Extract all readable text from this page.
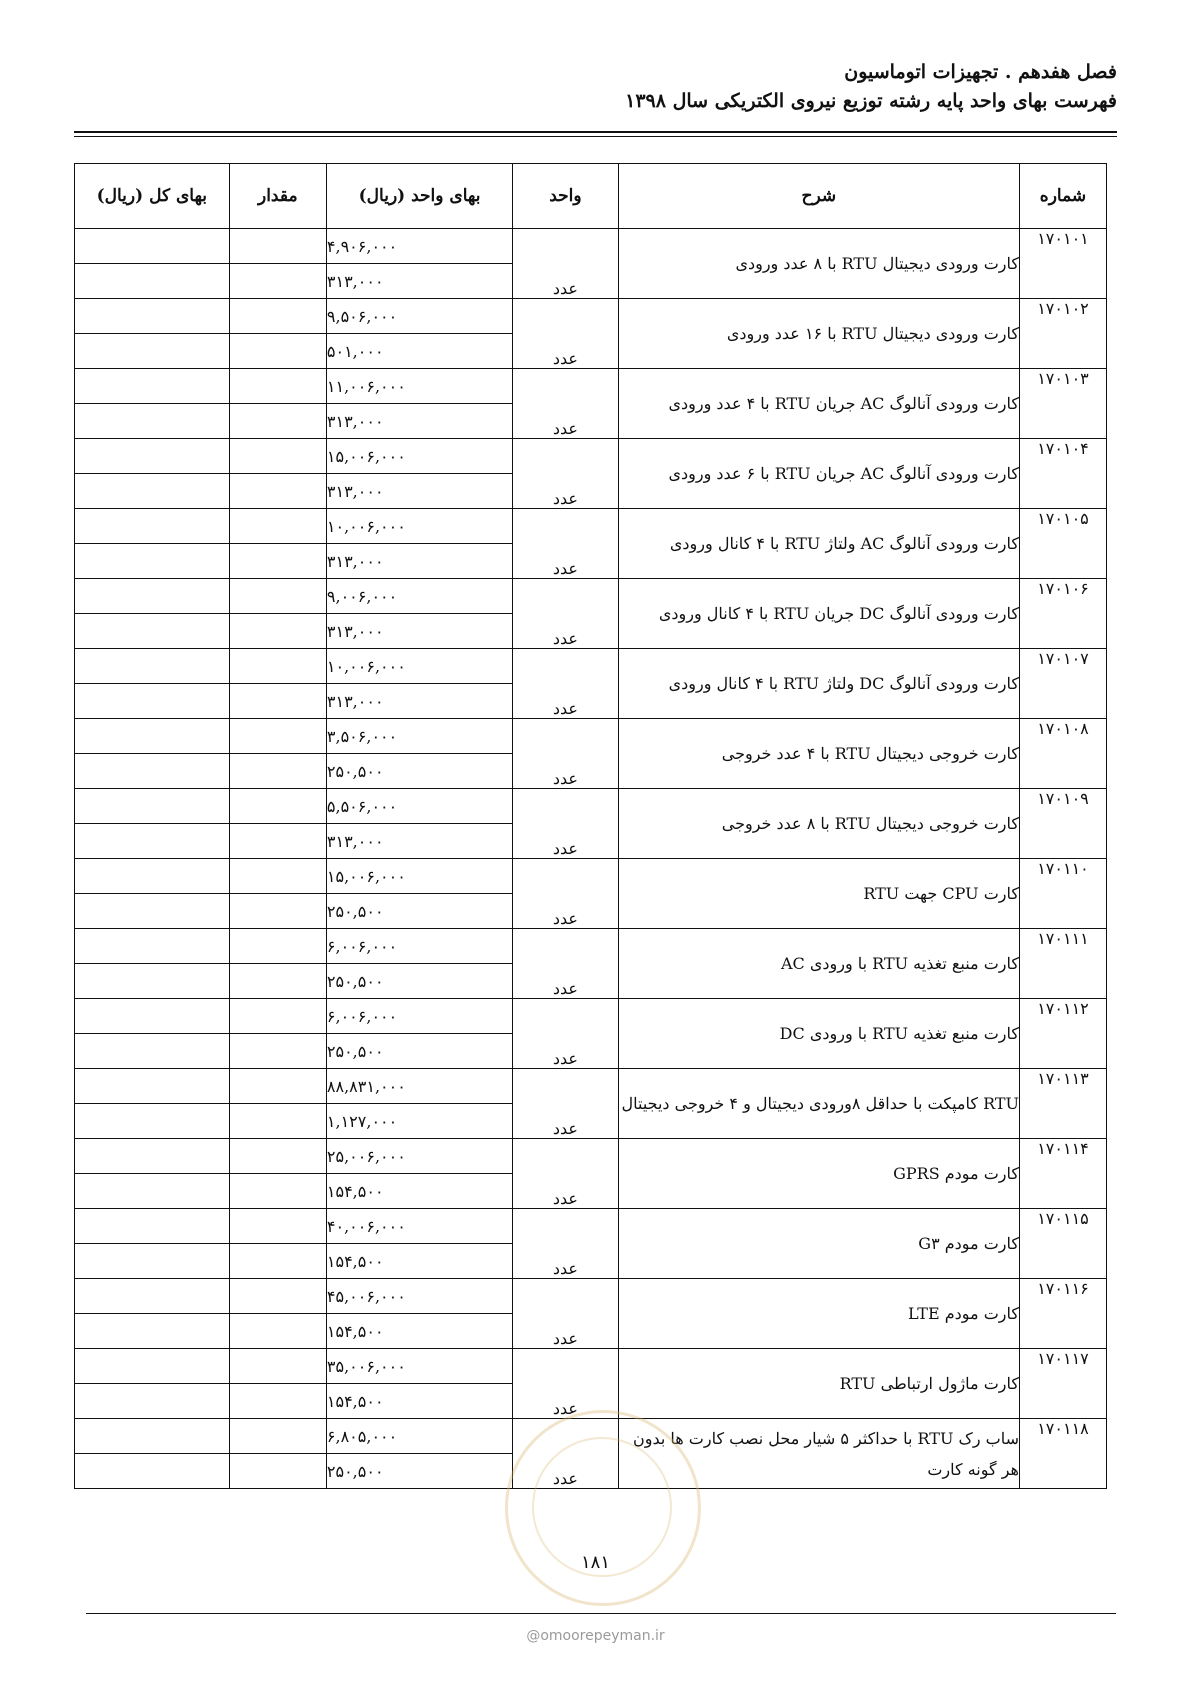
فصل هفدهم . تجهیزات اتوماسیون
فهرست بهای واحد پایه رشته توزیع نیروی الکتریکی سال ۱۳۹۸
شماره	شرح	واحد	بهای واحد (ریال)	مقدار	بهای کل (ریال)
۱۷۰۱۰۱	کارت ورودی دیجیتال RTU با ۸ عدد ورودی	عدد	۴,۹۰۶,۰۰۰		
			۳۱۳,۰۰۰		
۱۷۰۱۰۲	کارت ورودی دیجیتال RTU با ۱۶ عدد ورودی	عدد	۹,۵۰۶,۰۰۰		
			۵۰۱,۰۰۰		
۱۷۰۱۰۳	کارت ورودی آنالوگ AC جریان RTU با ۴ عدد ورودی	عدد	۱۱,۰۰۶,۰۰۰		
			۳۱۳,۰۰۰		
۱۷۰۱۰۴	کارت ورودی آنالوگ AC جریان RTU با ۶ عدد ورودی	عدد	۱۵,۰۰۶,۰۰۰		
			۳۱۳,۰۰۰		
۱۷۰۱۰۵	کارت ورودی آنالوگ AC ولتاژ RTU با ۴ کانال ورودی	عدد	۱۰,۰۰۶,۰۰۰		
			۳۱۳,۰۰۰		
۱۷۰۱۰۶	کارت ورودی آنالوگ DC جریان RTU با ۴ کانال ورودی	عدد	۹,۰۰۶,۰۰۰		
			۳۱۳,۰۰۰		
۱۷۰۱۰۷	کارت ورودی آنالوگ DC ولتاژ RTU با ۴ کانال ورودی	عدد	۱۰,۰۰۶,۰۰۰		
			۳۱۳,۰۰۰		
۱۷۰۱۰۸	کارت خروجی دیجیتال RTU با ۴ عدد خروجی	عدد	۳,۵۰۶,۰۰۰		
			۲۵۰,۵۰۰		
۱۷۰۱۰۹	کارت خروجی دیجیتال RTU با ۸ عدد خروجی	عدد	۵,۵۰۶,۰۰۰		
			۳۱۳,۰۰۰		
۱۷۰۱۱۰	کارت CPU جهت RTU	عدد	۱۵,۰۰۶,۰۰۰		
			۲۵۰,۵۰۰		
۱۷۰۱۱۱	کارت منبع تغذیه RTU با ورودی AC	عدد	۶,۰۰۶,۰۰۰		
			۲۵۰,۵۰۰		
۱۷۰۱۱۲	کارت منبع تغذیه RTU با ورودی DC	عدد	۶,۰۰۶,۰۰۰		
			۲۵۰,۵۰۰		
۱۷۰۱۱۳	RTU کامپکت با حداقل ۸ورودی دیجیتال و ۴ خروجی دیجیتال	عدد	۸۸,۸۳۱,۰۰۰		
			۱,۱۲۷,۰۰۰		
۱۷۰۱۱۴	کارت مودم GPRS	عدد	۲۵,۰۰۶,۰۰۰		
			۱۵۴,۵۰۰		
۱۷۰۱۱۵	کارت مودم G۳	عدد	۴۰,۰۰۶,۰۰۰		
			۱۵۴,۵۰۰		
۱۷۰۱۱۶	کارت مودم LTE	عدد	۴۵,۰۰۶,۰۰۰		
			۱۵۴,۵۰۰		
۱۷۰۱۱۷	کارت ماژول ارتباطی RTU	عدد	۳۵,۰۰۶,۰۰۰		
			۱۵۴,۵۰۰		
۱۷۰۱۱۸	ساب رک RTU با حداکثر ۵ شیار محل نصب کارت ها بدون هر گونه کارت	عدد	۶,۸۰۵,۰۰۰		
			۲۵۰,۵۰۰		
۱۸۱
@omoorepeyman.ir
